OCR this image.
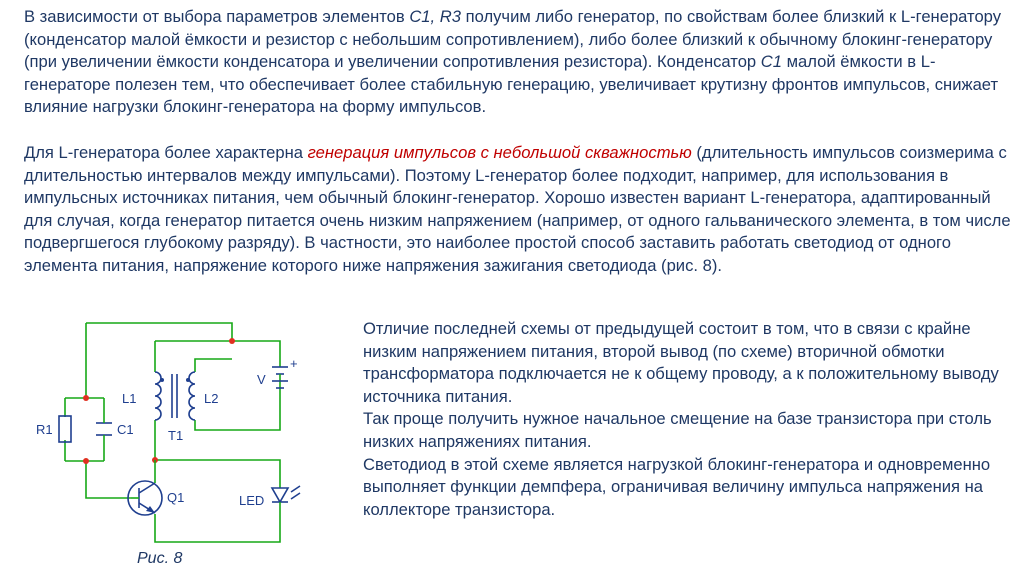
В зависимости от выбора параметров элементов C1, R3 получим либо генератор, по свойствам более близкий к L-генератору (конденсатор малой ёмкости и резистор с небольшим сопротивлением), либо более близкий к обычному блокинг-генератору (при увеличении ёмкости конденсатора и увеличении сопротивления резистора). Конденсатор C1 малой ёмкости в L-генераторе полезен тем, что обеспечивает более стабильную генерацию, увеличивает крутизну фронтов импульсов, снижает влияние нагрузки блокинг-генератора на форму импульсов.

Для L-генератора более характерна генерация импульсов с небольшой скважностью (длительность импульсов соизмерима с длительностью интервалов между импульсами). Поэтому L-генератор более подходит, например, для использования в импульсных источниках питания, чем обычный блокинг-генератор. Хорошо известен вариант L-генератора, адаптированный для случая, когда генератор питается очень низким напряжением (например, от одного гальванического элемента, в том числе подвергшегося глубокому разряду). В частности, это наиболее простой способ заставить работать светодиод от одного элемента питания, напряжение которого ниже напряжения зажигания светодиода (рис. 8).

L1	L2
T1
R1	C1
Q1	LED
V
+
Рис. 8
Отличие последней схемы от предыдущей состоит в том, что в связи с крайне низким напряжением питания, второй вывод (по схеме) вторичной обмотки трансформатора подключается не к общему проводу, а к положительному выводу источника питания.
Так проще получить нужное начальное смещение на базе транзистора при столь низких напряжениях питания.
Светодиод в этой схеме является нагрузкой блокинг-генератора и одновременно выполняет функции демпфера, ограничивая величину импульса напряжения на коллекторе транзистора.
